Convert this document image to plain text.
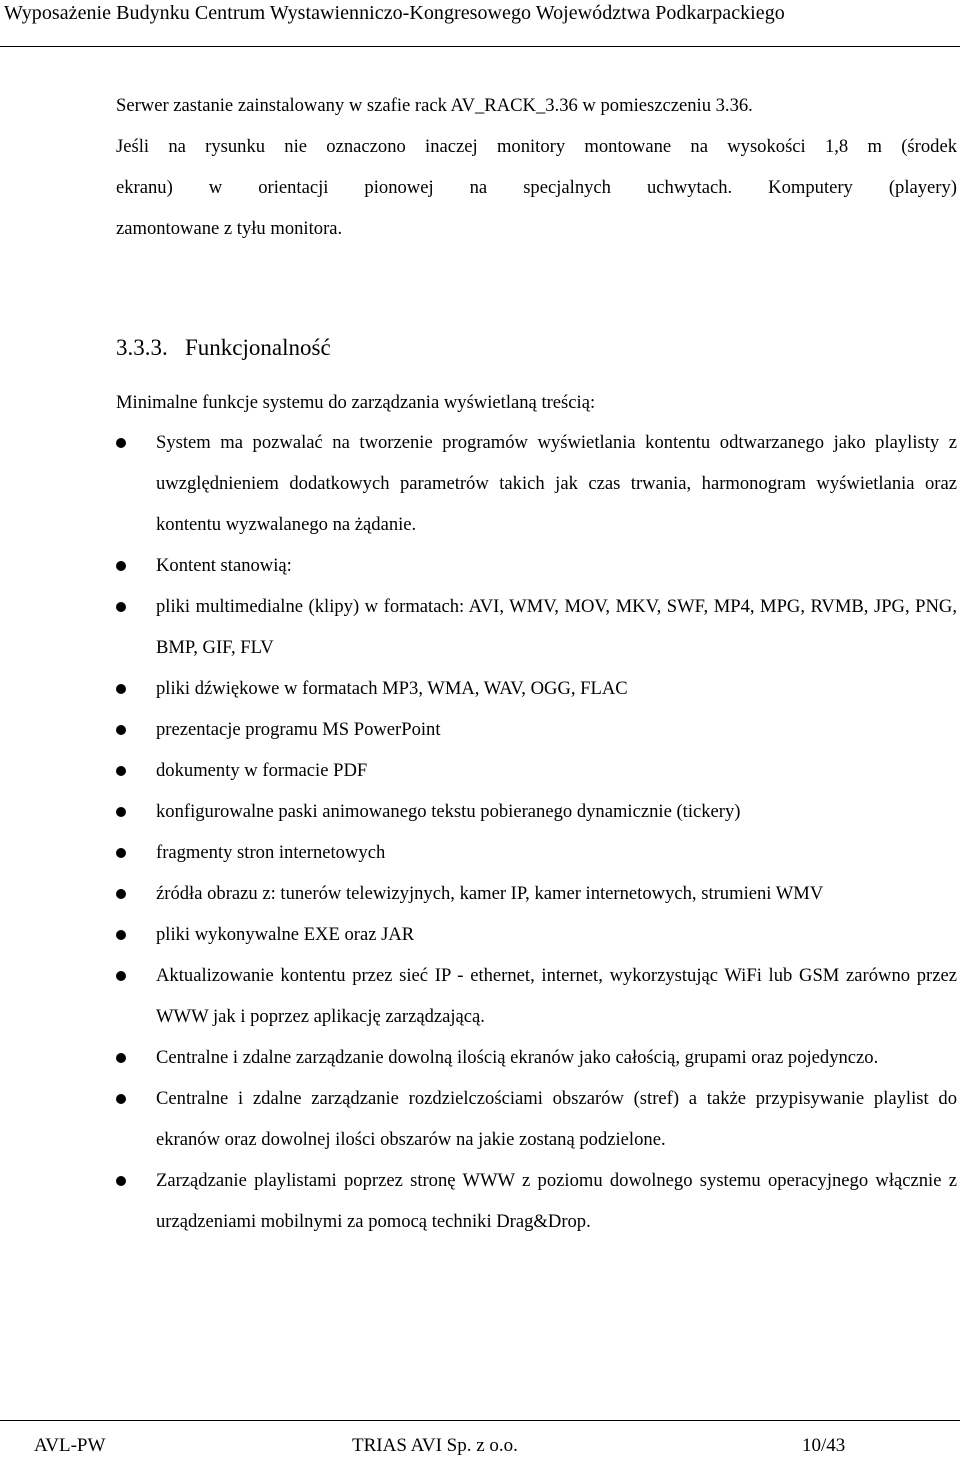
Wyposażenie Budynku Centrum Wystawienniczo-Kongresowego Województwa Podkarpackiego
Serwer zastanie zainstalowany w szafie rack AV_RACK_3.36 w pomieszczeniu 3.36.
Jeśli na rysunku nie oznaczono inaczej monitory montowane na wysokości 1,8 m (środek
ekranu) w orientacji pionowej na specjalnych uchwytach. Komputery (playery)
zamontowane z tyłu monitora.
3.3.3. Funkcjonalność
Minimalne funkcje systemu do zarządzania wyświetlaną treścią:
System ma pozwalać na tworzenie programów wyświetlania kontentu odtwarzanego jako playlisty z uwzględnieniem dodatkowych parametrów takich jak czas trwania, harmonogram wyświetlania oraz kontentu wyzwalanego na żądanie.
Kontent stanowią:
pliki multimedialne (klipy) w formatach: AVI, WMV, MOV, MKV, SWF, MP4, MPG, RVMB, JPG, PNG, BMP, GIF, FLV
pliki dźwiękowe w formatach MP3, WMA, WAV, OGG, FLAC
prezentacje programu MS PowerPoint
dokumenty w formacie PDF
konfigurowalne paski animowanego tekstu pobieranego dynamicznie (tickery)
fragmenty stron internetowych
źródła obrazu z: tunerów telewizyjnych, kamer IP, kamer internetowych, strumieni WMV
pliki wykonywalne EXE oraz JAR
Aktualizowanie kontentu przez sieć IP - ethernet, internet, wykorzystując WiFi lub GSM zarówno przez WWW jak i poprzez aplikację zarządzającą.
Centralne i zdalne zarządzanie dowolną ilością ekranów jako całością, grupami oraz pojedynczo.
Centralne i zdalne zarządzanie rozdzielczościami obszarów (stref) a także przypisywanie playlist do ekranów oraz dowolnej ilości obszarów na jakie zostaną podzielone.
Zarządzanie playlistami poprzez stronę WWW z poziomu dowolnego systemu operacyjnego włącznie z urządzeniami mobilnymi za pomocą techniki Drag&Drop.
AVL-PW	TRIAS AVI Sp. z o.o.	10/43
